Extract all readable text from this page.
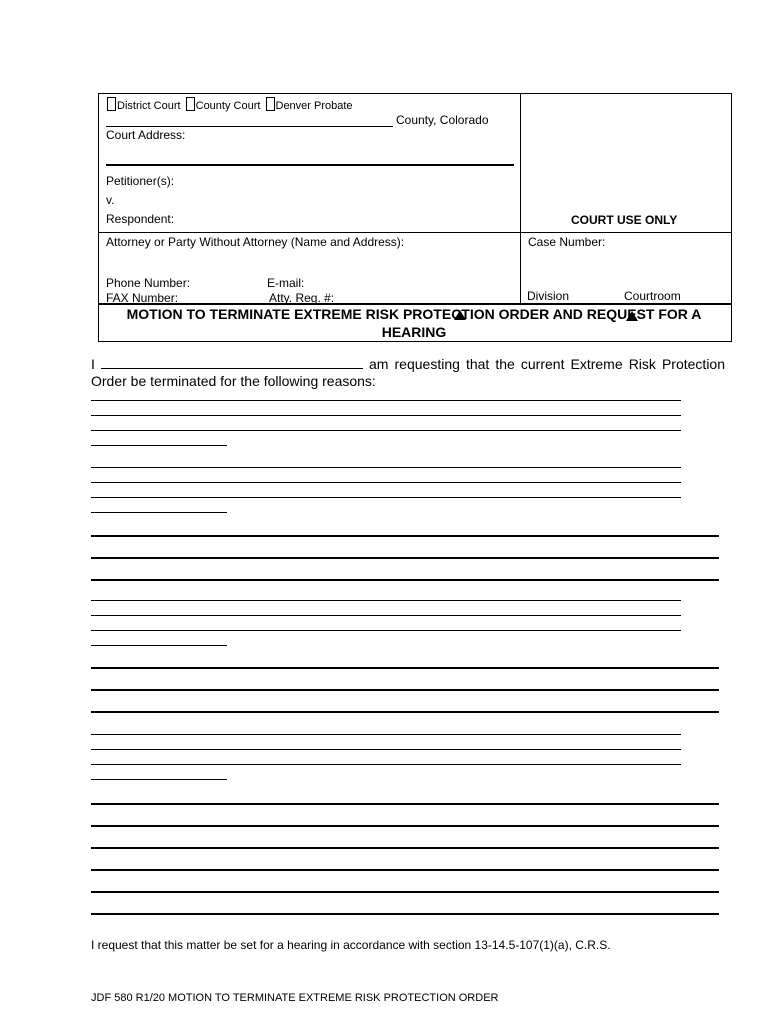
District Court County Court Denver Probate
County, Colorado
Court Address:
Petitioner(s):
v.
Respondent:	COURT USE ONLY
Attorney or Party Without Attorney (Name and Address):	Case Number:
Phone Number:	E-mail:
FAX Number:	Atty. Reg. #:	Division	Courtroom
MOTION TO TERMINATE EXTREME RISK PROTECTION ORDER AND REQUEST FOR A HEARING
I	am requesting that the current Extreme Risk Protection Order be terminated for the following reasons:
I request that this matter be set for a hearing in accordance with section 13-14.5-107(1)(a), C.R.S.
JDF 580 R1/20 MOTION TO TERMINATE EXTREME RISK PROTECTION ORDER
